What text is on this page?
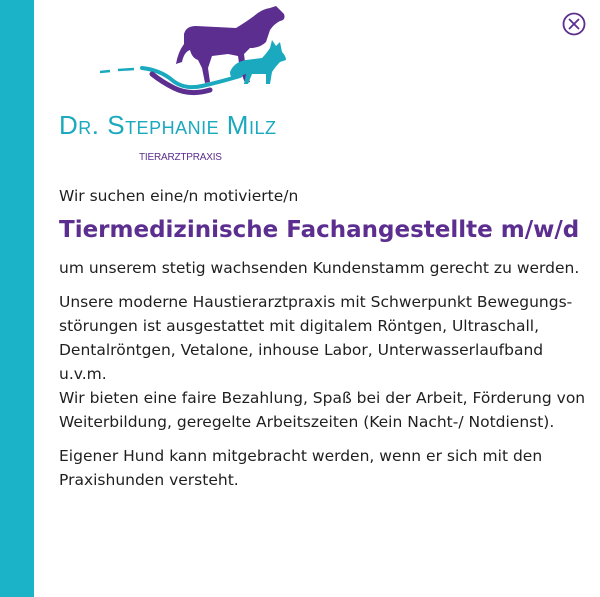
Dr. Stephanie Milz
TIERARZTPRAXIS

Wir suchen eine/n motivierte/n

Tiermedizinische Fachangestellte m/w/d

um unserem stetig wachsenden Kundenstamm gerecht zu werden.

Unsere moderne Haustierarztpraxis mit Schwerpunkt Bewegungs-störungen ist ausgestattet mit digitalem Röntgen, Ultraschall, Dentalröntgen, Vetalone, inhouse Labor, Unterwasserlaufband u.v.m.
Wir bieten eine faire Bezahlung, Spaß bei der Arbeit, Förderung von Weiterbildung, geregelte Arbeitszeiten (Kein Nacht-/ Notdienst).

Eigener Hund kann mitgebracht werden, wenn er sich mit den Praxishunden versteht.
